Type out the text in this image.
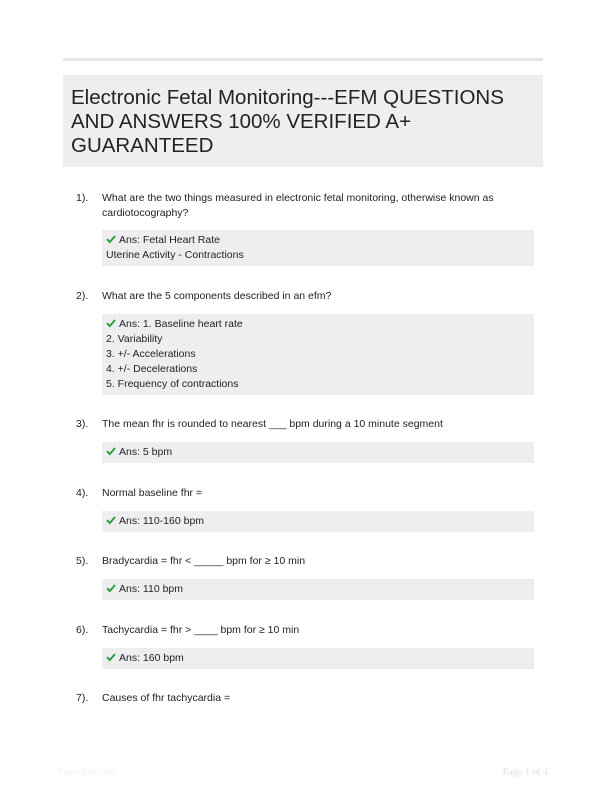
Electronic Fetal Monitoring---EFM QUESTIONS AND ANSWERS 100% VERIFIED A+ GUARANTEED
1). What are the two things measured in electronic fetal monitoring, otherwise known as cardiotocography?
Ans: Fetal Heart Rate
Uterine Activity - Contractions
2). What are the 5 components described in an efm?
Ans: 1. Baseline heart rate
2. Variability
3. +/- Accelerations
4. +/- Decelerations
5. Frequency of contractions
3). The mean fhr is rounded to nearest ___ bpm during a 10 minute segment
Ans: 5 bpm
4). Normal baseline fhr =
Ans: 110-160 bpm
5). Bradycardia = fhr < _____ bpm for ≥ 10 min
Ans: 110 bpm
6). Tachycardia = fhr > ____ bpm for ≥ 10 min
Ans: 160 bpm
7). Causes of fhr tachycardia =
Paperthic.com	Page 1 of 4
